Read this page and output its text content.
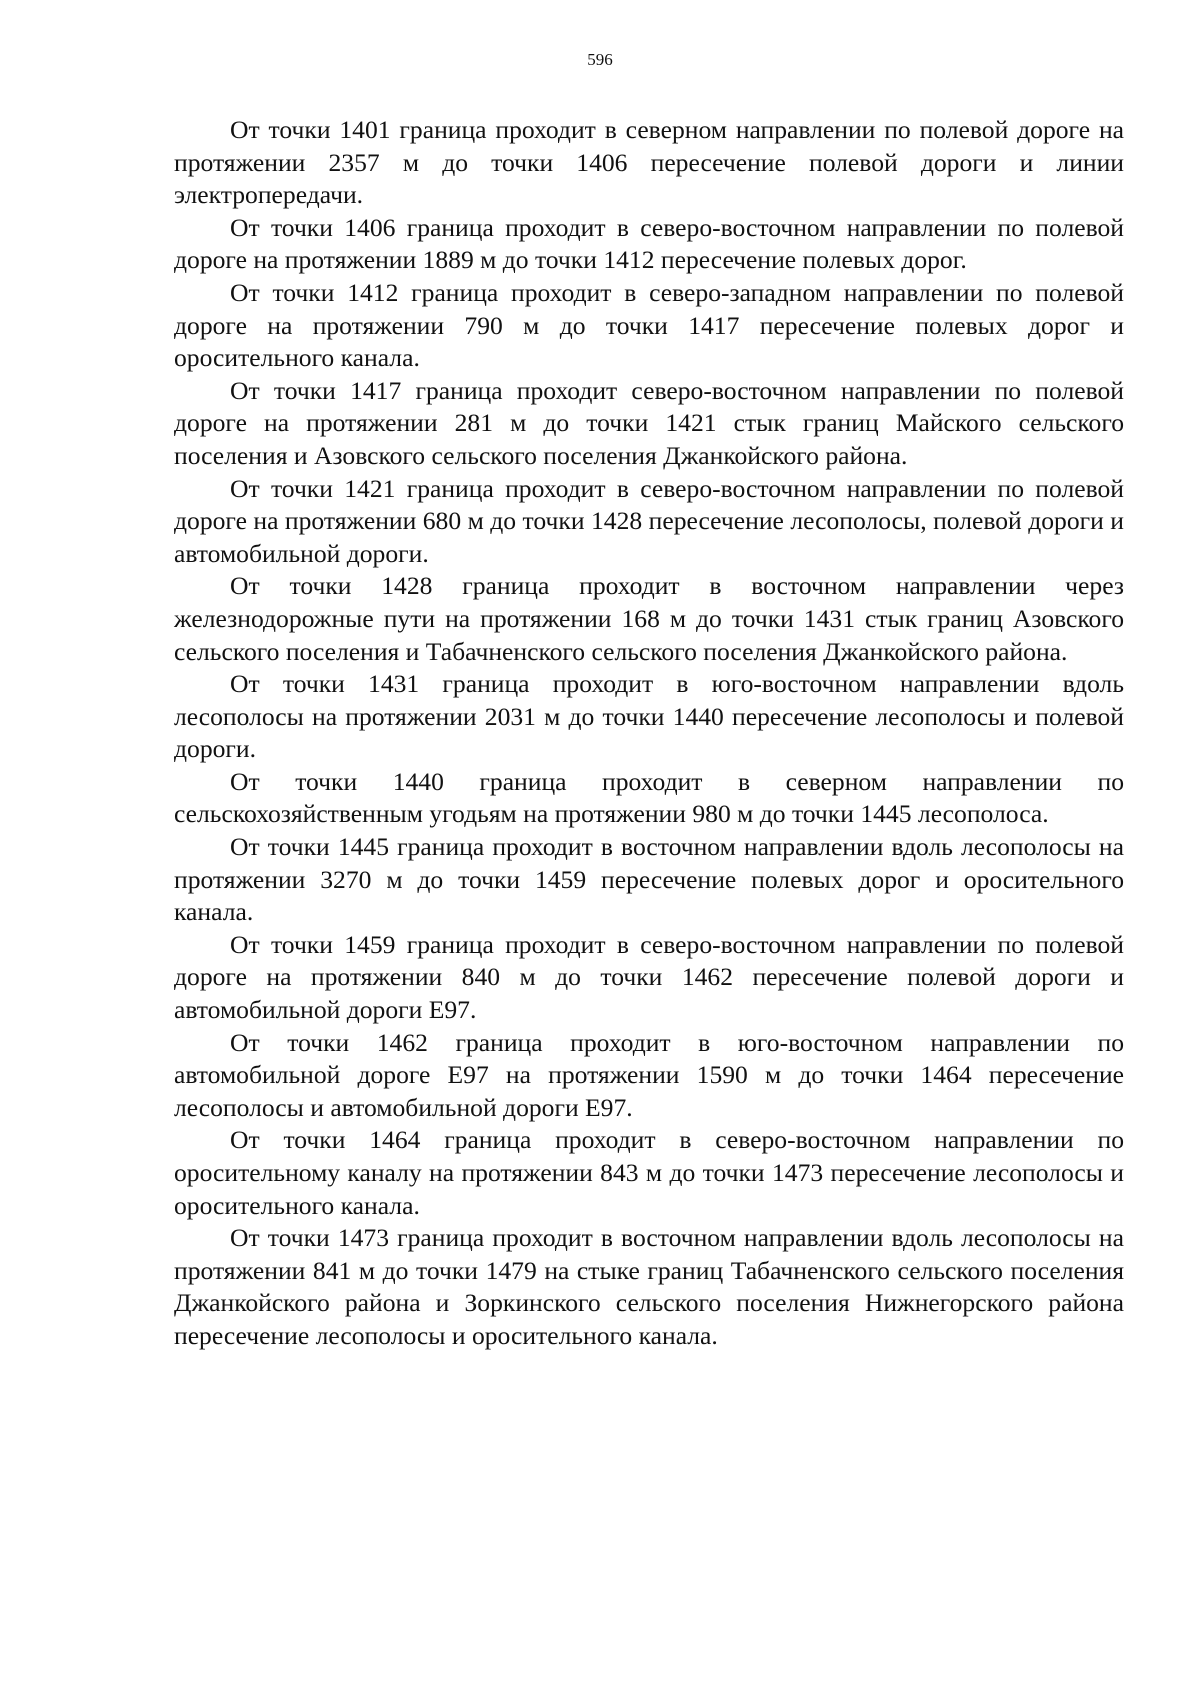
596

От точки 1401 граница проходит в северном направлении по полевой дороге на протяжении 2357 м до точки 1406 пересечение полевой дороги и линии электропередачи.

От точки 1406 граница проходит в северо-восточном направлении по полевой дороге на протяжении 1889 м до точки 1412 пересечение полевых дорог.

От точки 1412 граница проходит в северо-западном направлении по полевой дороге на протяжении 790 м до точки 1417 пересечение полевых дорог и оросительного канала.

От точки 1417 граница проходит северо-восточном направлении по полевой дороге на протяжении 281 м до точки 1421 стык границ Майского сельского поселения и Азовского сельского поселения Джанкойского района.

От точки 1421 граница проходит в северо-восточном направлении по полевой дороге на протяжении 680 м до точки 1428 пересечение лесополосы, полевой дороги и автомобильной дороги.

От точки 1428 граница проходит в восточном направлении через железнодорожные пути на протяжении 168 м до точки 1431 стык границ Азовского сельского поселения и Табачненского сельского поселения Джанкойского района.

От точки 1431 граница проходит в юго-восточном направлении вдоль лесополосы на протяжении 2031 м до точки 1440 пересечение лесополосы и полевой дороги.

От точки 1440 граница проходит в северном направлении по сельскохозяйственным угодьям на протяжении 980 м до точки 1445 лесополоса.

От точки 1445 граница проходит в восточном направлении вдоль лесополосы на протяжении 3270 м до точки 1459 пересечение полевых дорог и оросительного канала.

От точки 1459 граница проходит в северо-восточном направлении по полевой дороге на протяжении 840 м до точки 1462 пересечение полевой дороги и автомобильной дороги Е97.

От точки 1462 граница проходит в юго-восточном направлении по автомобильной дороге Е97 на протяжении 1590 м до точки 1464 пересечение лесополосы и автомобильной дороги Е97.

От точки 1464 граница проходит в северо-восточном направлении по оросительному каналу на протяжении 843 м до точки 1473 пересечение лесополосы и оросительного канала.

От точки 1473 граница проходит в восточном направлении вдоль лесополосы на протяжении 841 м до точки 1479 на стыке границ Табачненского сельского поселения Джанкойского района и Зоркинского сельского поселения Нижнегорского района пересечение лесополосы и оросительного канала.
